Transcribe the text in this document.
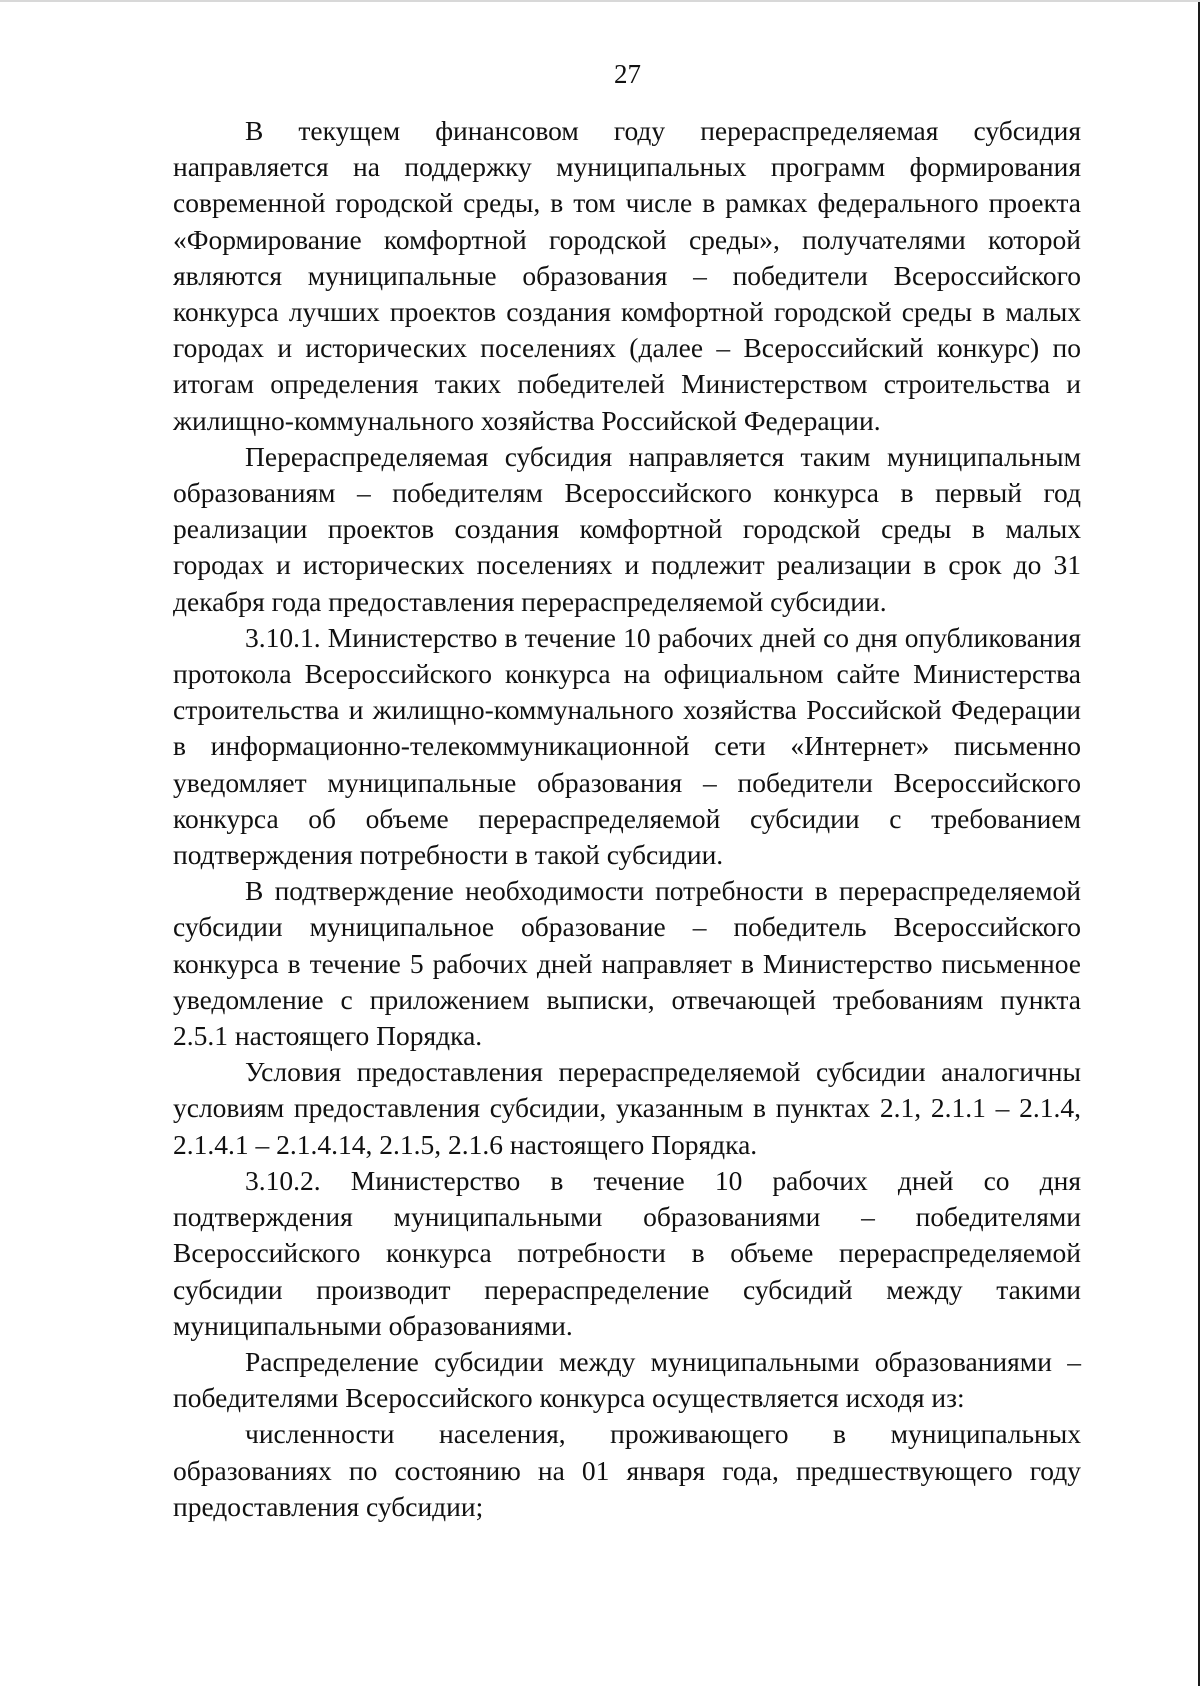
27

В текущем финансовом году перераспределяемая субсидия направляется на поддержку муниципальных программ формирования современной городской среды, в том числе в рамках федерального проекта «Формирование комфортной городской среды», получателями которой являются муниципальные образования – победители Всероссийского конкурса лучших проектов создания комфортной городской среды в малых городах и исторических поселениях (далее – Всероссийский конкурс) по итогам определения таких победителей Министерством строительства и жилищно-коммунального хозяйства Российской Федерации.

Перераспределяемая субсидия направляется таким муниципальным образованиям – победителям Всероссийского конкурса в первый год реализации проектов создания комфортной городской среды в малых городах и исторических поселениях и подлежит реализации в срок до 31 декабря года предоставления перераспределяемой субсидии.

3.10.1. Министерство в течение 10 рабочих дней со дня опубликования протокола Всероссийского конкурса на официальном сайте Министерства строительства и жилищно-коммунального хозяйства Российской Федерации в информационно-телекоммуникационной сети «Интернет» письменно уведомляет муниципальные образования – победители Всероссийского конкурса об объеме перераспределяемой субсидии с требованием подтверждения потребности в такой субсидии.

В подтверждение необходимости потребности в перераспределяемой субсидии муниципальное образование – победитель Всероссийского конкурса в течение 5 рабочих дней направляет в Министерство письменное уведомление с приложением выписки, отвечающей требованиям пункта 2.5.1 настоящего Порядка.

Условия предоставления перераспределяемой субсидии аналогичны условиям предоставления субсидии, указанным в пунктах 2.1, 2.1.1 – 2.1.4, 2.1.4.1 – 2.1.4.14, 2.1.5, 2.1.6 настоящего Порядка.

3.10.2. Министерство в течение 10 рабочих дней со дня подтверждения муниципальными образованиями – победителями Всероссийского конкурса потребности в объеме перераспределяемой субсидии производит перераспределение субсидий между такими муниципальными образованиями.

Распределение субсидии между муниципальными образованиями – победителями Всероссийского конкурса осуществляется исходя из:

численности населения, проживающего в муниципальных образованиях по состоянию на 01 января года, предшествующего году предоставления субсидии;
